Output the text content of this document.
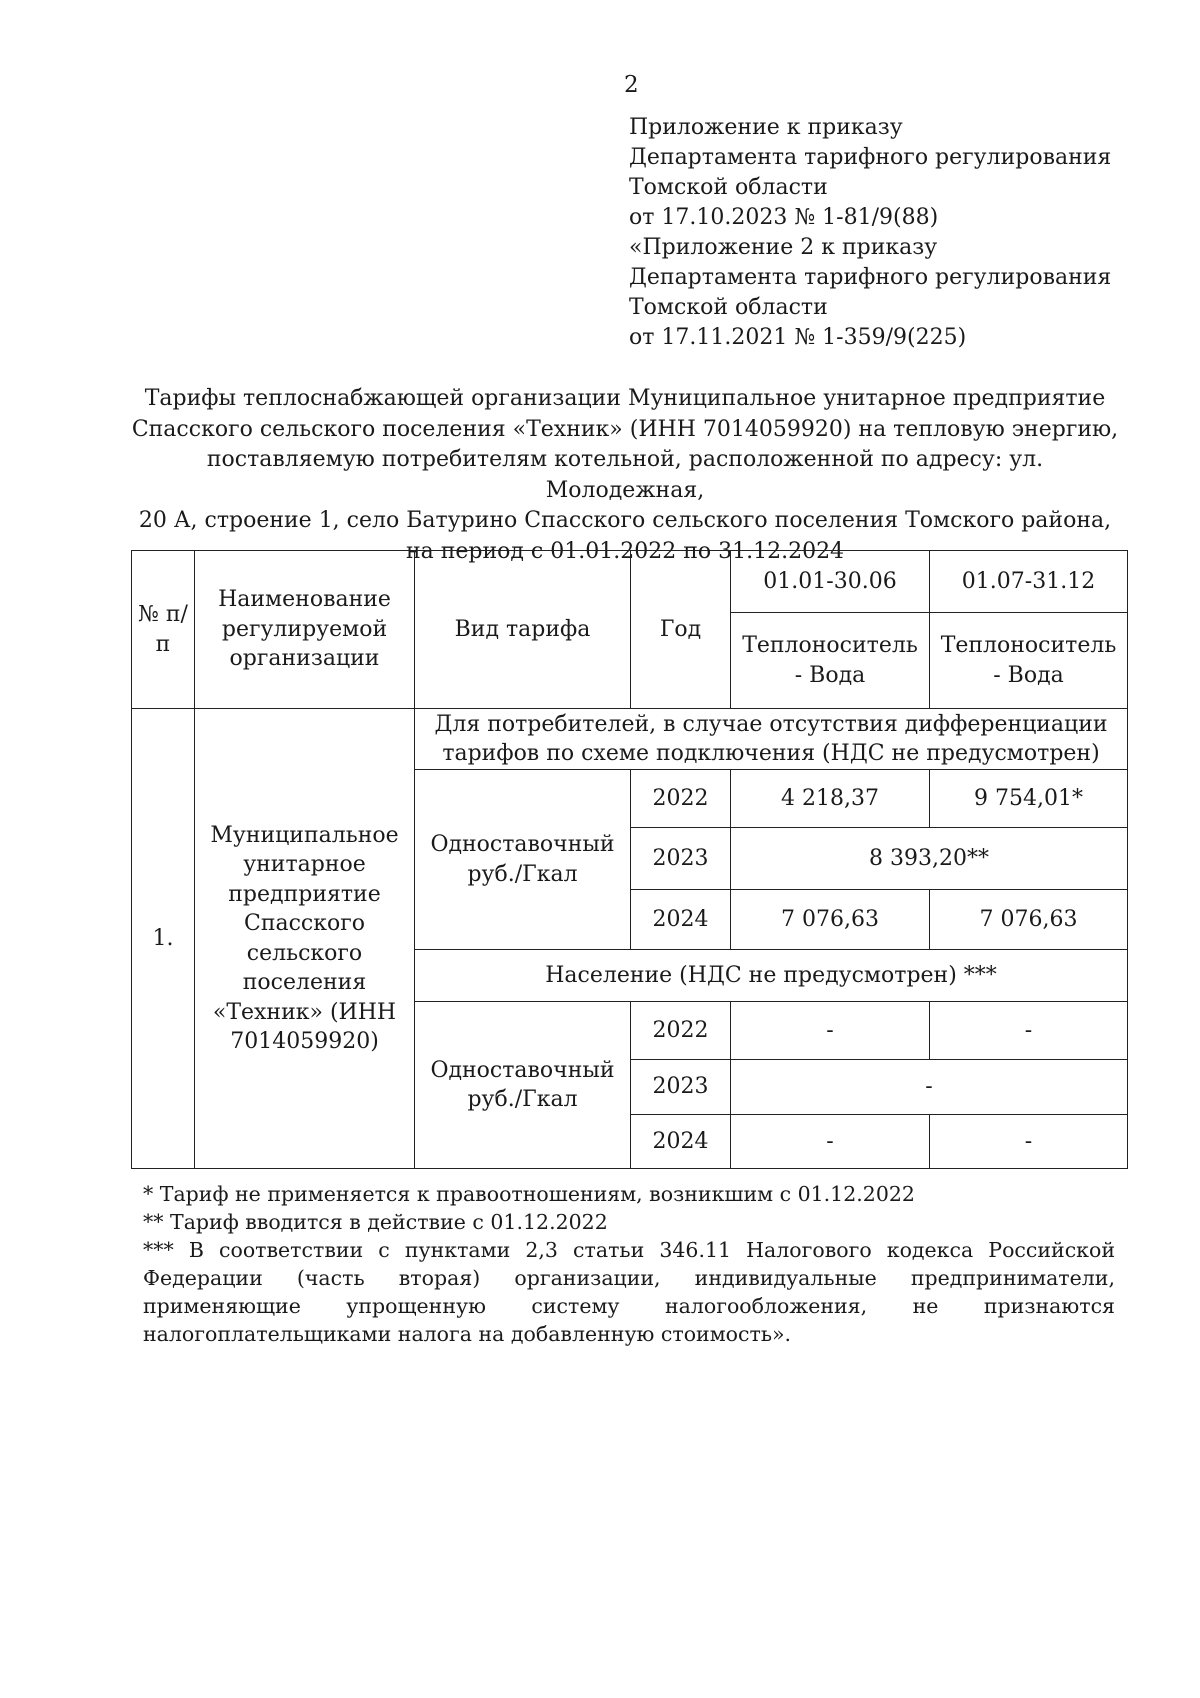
2
Приложение к приказу
Департамента тарифного регулирования
Томской области
от 17.10.2023 № 1-81/9(88)
«Приложение 2 к приказу
Департамента тарифного регулирования
Томской области
от 17.11.2021 № 1-359/9(225)
Тарифы теплоснабжающей организации Муниципальное унитарное предприятие
Спасского сельского поселения «Техник» (ИНН 7014059920) на тепловую энергию,
поставляемую потребителям котельной, расположенной по адресу: ул. Молодежная,
20 А, строение 1, село Батурино Спасского сельского поселения Томского района,
на период с 01.01.2022 по 31.12.2024
№ п/п	Наименование регулируемой организации	Вид тарифа	Год	01.01-30.06	01.07-31.12
				Теплоноситель - Вода	Теплоноситель - Вода
1.	Муниципальное унитарное предприятие Спасского сельского поселения «Техник» (ИНН 7014059920)	Для потребителей, в случае отсутствия дифференциации тарифов по схеме подключения (НДС не предусмотрен)			
		Одноставочный руб./Гкал	2022	4 218,37	9 754,01*
			2023	8 393,20**	
			2024	7 076,63	7 076,63
		Население (НДС не предусмотрен) ***			
		Одноставочный руб./Гкал	2022	-	-
			2023	-	
			2024	-	-

* Тариф не применяется к правоотношениям, возникшим с 01.12.2022

** Тариф вводится в действие с 01.12.2022

*** В соответствии с пунктами 2,3 статьи 346.11 Налогового кодекса Российской Федерации (часть вторая) организации, индивидуальные предприниматели, применяющие упрощенную систему налогообложения, не признаются налогоплательщиками налога на добавленную стоимость».
